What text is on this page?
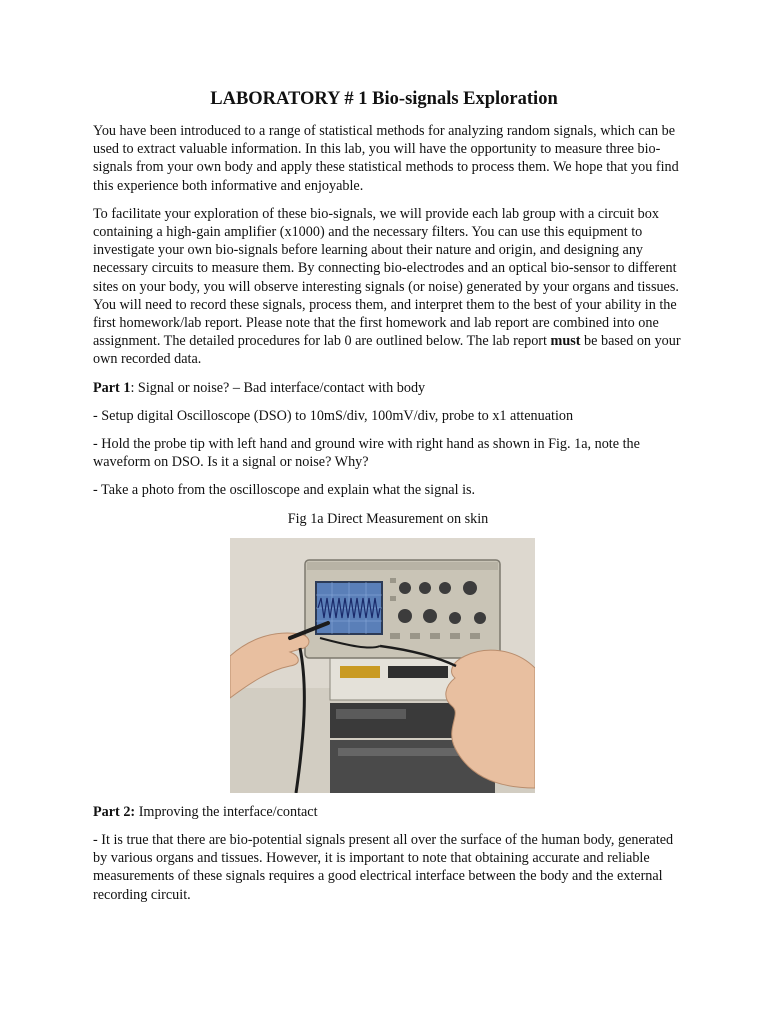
LABORATORY # 1 Bio-signals Exploration

You have been introduced to a range of statistical methods for analyzing random signals, which can be used to extract valuable information. In this lab, you will have the opportunity to measure three bio-signals from your own body and apply these statistical methods to process them. We hope that you find this experience both informative and enjoyable.

To facilitate your exploration of these bio-signals, we will provide each lab group with a circuit box containing a high-gain amplifier (x1000) and the necessary filters. You can use this equipment to investigate your own bio-signals before learning about their nature and origin, and designing any necessary circuits to measure them. By connecting bio-electrodes and an optical bio-sensor to different sites on your body, you will observe interesting signals (or noise) generated by your organs and tissues. You will need to record these signals, process them, and interpret them to the best of your ability in the first homework/lab report. Please note that the first homework and lab report are combined into one assignment. The detailed procedures for lab 0 are outlined below. The lab report must be based on your own recorded data.

Part 1: Signal or noise? – Bad interface/contact with body

- Setup digital Oscilloscope (DSO) to 10mS/div, 100mV/div, probe to x1 attenuation

- Hold the probe tip with left hand and ground wire with right hand as shown in Fig. 1a, note the waveform on DSO. Is it a signal or noise? Why?

- Take a photo from the oscilloscope and explain what the signal is.

Fig 1a Direct Measurement on skin

Part 2: Improving the interface/contact

- It is true that there are bio-potential signals present all over the surface of the human body, generated by various organs and tissues. However, it is important to note that obtaining accurate and reliable measurements of these signals requires a good electrical interface between the body and the external recording circuit.
